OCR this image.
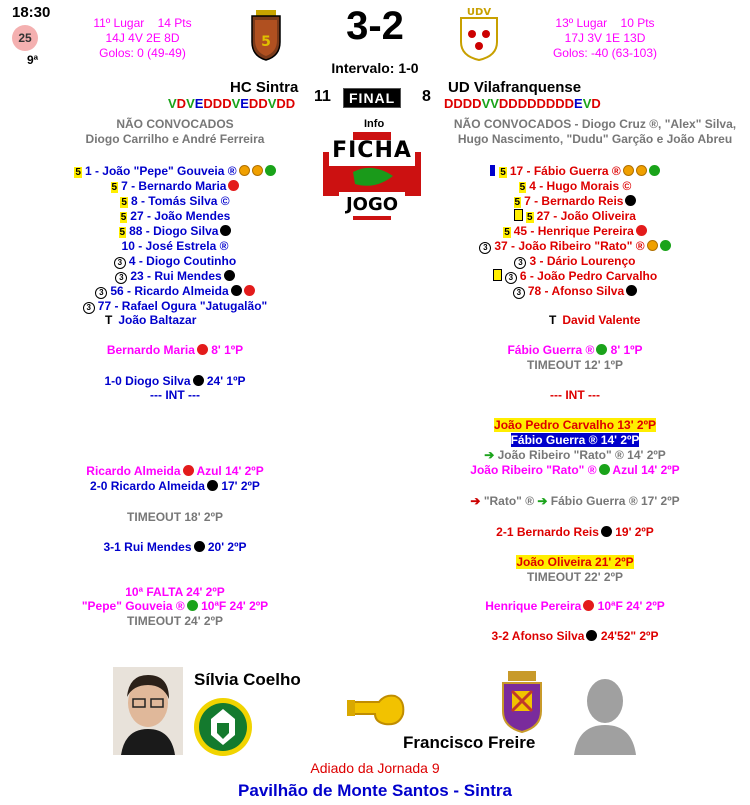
18:30
25
9ª
11º Lugar 14 Pts
14J 4V 2E 8D
Golos: 0 (49-49)
5	3-2
Intervalo: 1-0
UDV
13º Lugar 10 Pts
17J 3V 1E 13D
Golos: -40 (63-103)
HC Sintra	UD Vilafranquense
VDVEDDDVEDDVDD 11	FINAL	8 DDDDVVDDDDDDDDEVD
NÃO CONVOCADOS
Diogo Carrilho e André Ferreira
NÃO CONVOCADOS - Diogo Cruz ®, "Alex" Silva,
Hugo Nascimento, "Dudu" Garção e João Abreu
Info
FICHA
JOGO
5 1 - João "Pepe" Gouveia ®
5 7 - Bernardo Maria
5 8 - Tomás Silva ©
5 27 - João Mendes
5 88 - Diogo Silva
10 - José Estrela ®
3 4 - Diogo Coutinho
3 23 - Rui Mendes
3 56 - Ricardo Almeida
3 77 - Rafael Ogura "Jatugalão"
T João Baltazar
5 17 - Fábio Guerra ®
5 4 - Hugo Morais ©
5 7 - Bernardo Reis
5 27 - João Oliveira
5 45 - Henrique Pereira
3 37 - João Ribeiro "Rato" ®
3 3 - Dário Lourenço
3 6 - João Pedro Carvalho
3 78 - Afonso Silva
T David Valente
Bernardo Maria 8' 1ºP
1-0 Diogo Silva 24' 1ºP
--- INT ---
Ricardo Almeida Azul 14' 2ºP
2-0 Ricardo Almeida 17' 2ºP
TIMEOUT 18' 2ºP
3-1 Rui Mendes 20' 2ºP
10ª FALTA 24' 2ºP
"Pepe" Gouveia ® 10ªF 24' 2ºP
TIMEOUT 24' 2ºP
Fábio Guerra ® 8' 1ºP
TIMEOUT 12' 1ºP
--- INT ---
João Pedro Carvalho 13' 2ºP
Fábio Guerra ® 14' 2ºP
➔ João Ribeiro "Rato" ® 14' 2ºP
João Ribeiro "Rato" ® Azul 14' 2ºP
➔ "Rato" ® ➔ Fábio Guerra ® 17' 2ºP
2-1 Bernardo Reis 19' 2ºP
João Oliveira 21' 2ºP
TIMEOUT 22' 2ºP
Henrique Pereira 10ªF 24' 2ºP
3-2 Afonso Silva 24'52" 2ºP
Sílvia Coelho
Francisco Freire
Adiado da Jornada 9
Pavilhão de Monte Santos - Sintra
